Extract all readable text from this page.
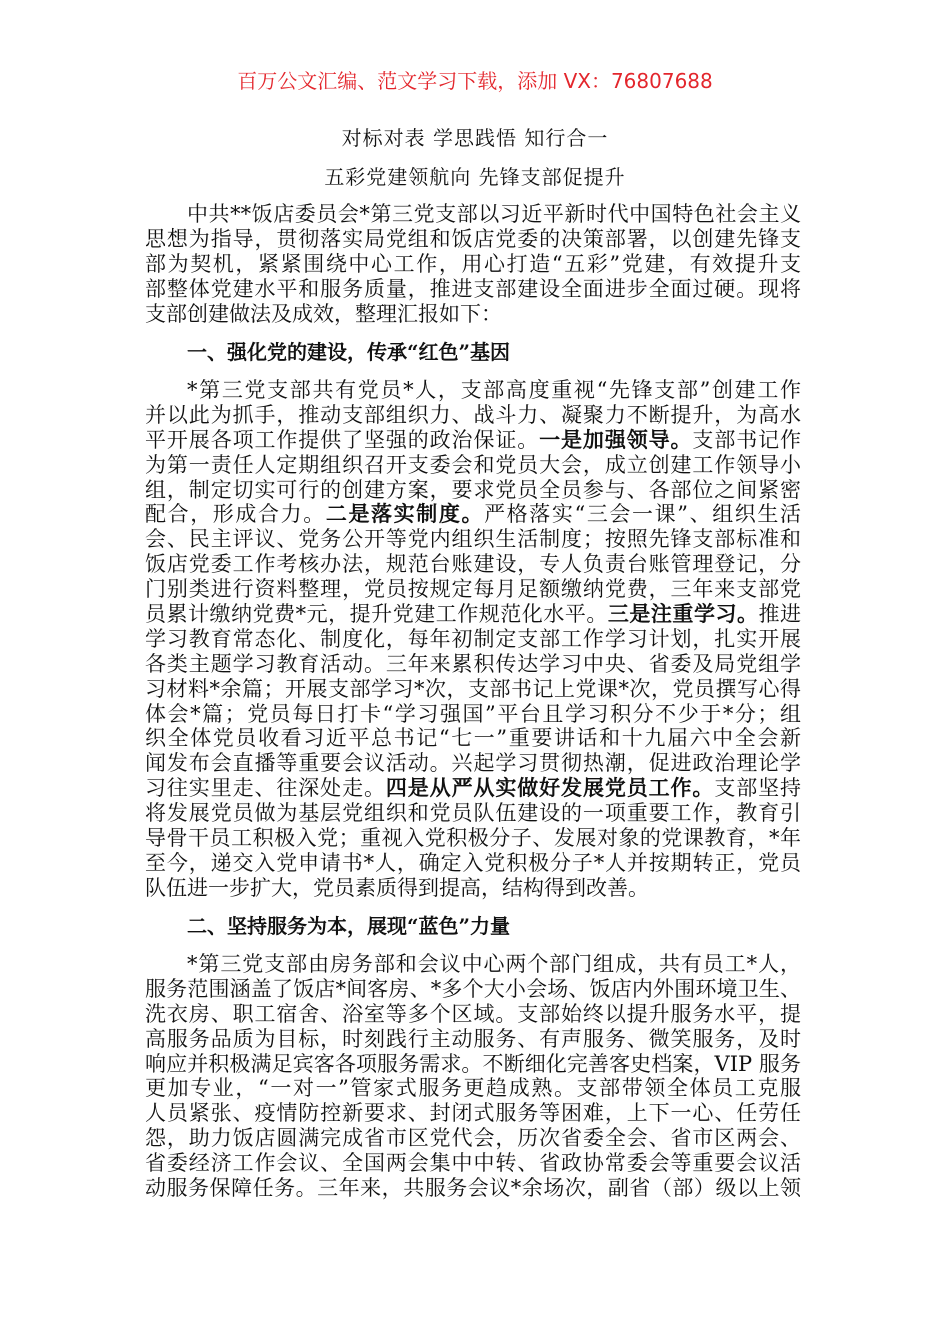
百万公文汇编、范文学习下载，添加 VX：76807688
对标对表 学思践悟 知行合一
五彩党建领航向 先锋支部促提升
中共**饭店委员会*第三党支部以习近平新时代中国特色社会主义
思想为指导，贯彻落实局党组和饭店党委的决策部署，以创建先锋支
部为契机，紧紧围绕中心工作，用心打造“五彩”党建，有效提升支
部整体党建水平和服务质量，推进支部建设全面进步全面过硬。现将
支部创建做法及成效，整理汇报如下：
一、强化党的建设，传承“红色”基因
*第三党支部共有党员*人，支部高度重视“先锋支部”创建工作
并以此为抓手，推动支部组织力、战斗力、凝聚力不断提升，为高水
平开展各项工作提供了坚强的政治保证。一是加强领导。支部书记作
为第一责任人定期组织召开支委会和党员大会，成立创建工作领导小
组，制定切实可行的创建方案，要求党员全员参与、各部位之间紧密
配合，形成合力。二是落实制度。严格落实“三会一课”、组织生活
会、民主评议、党务公开等党内组织生活制度；按照先锋支部标准和
饭店党委工作考核办法，规范台账建设，专人负责台账管理登记，分
门别类进行资料整理，党员按规定每月足额缴纳党费，三年来支部党
员累计缴纳党费*元，提升党建工作规范化水平。三是注重学习。推进
学习教育常态化、制度化，每年初制定支部工作学习计划，扎实开展
各类主题学习教育活动。三年来累积传达学习中央、省委及局党组学
习材料*余篇；开展支部学习*次，支部书记上党课*次，党员撰写心得
体会*篇；党员每日打卡“学习强国”平台且学习积分不少于*分；组
织全体党员收看习近平总书记“七一”重要讲话和十九届六中全会新
闻发布会直播等重要会议活动。兴起学习贯彻热潮，促进政治理论学
习往实里走、往深处走。四是从严从实做好发展党员工作。支部坚持
将发展党员做为基层党组织和党员队伍建设的一项重要工作，教育引
导骨干员工积极入党；重视入党积极分子、发展对象的党课教育，*年
至今，递交入党申请书*人，确定入党积极分子*人并按期转正，党员
队伍进一步扩大，党员素质得到提高，结构得到改善。
二、坚持服务为本，展现“蓝色”力量
*第三党支部由房务部和会议中心两个部门组成，共有员工*人，
服务范围涵盖了饭店*间客房、*多个大小会场、饭店内外围环境卫生、
洗衣房、职工宿舍、浴室等多个区域。支部始终以提升服务水平，提
高服务品质为目标，时刻践行主动服务、有声服务、微笑服务，及时
响应并积极满足宾客各项服务需求。不断细化完善客史档案，VIP 服务
更加专业，“一对一”管家式服务更趋成熟。支部带领全体员工克服
人员紧张、疫情防控新要求、封闭式服务等困难，上下一心、任劳任
怨，助力饭店圆满完成省市区党代会，历次省委全会、省市区两会、
省委经济工作会议、全国两会集中中转、省政协常委会等重要会议活
动服务保障任务。三年来，共服务会议*余场次，副省（部）级以上领
